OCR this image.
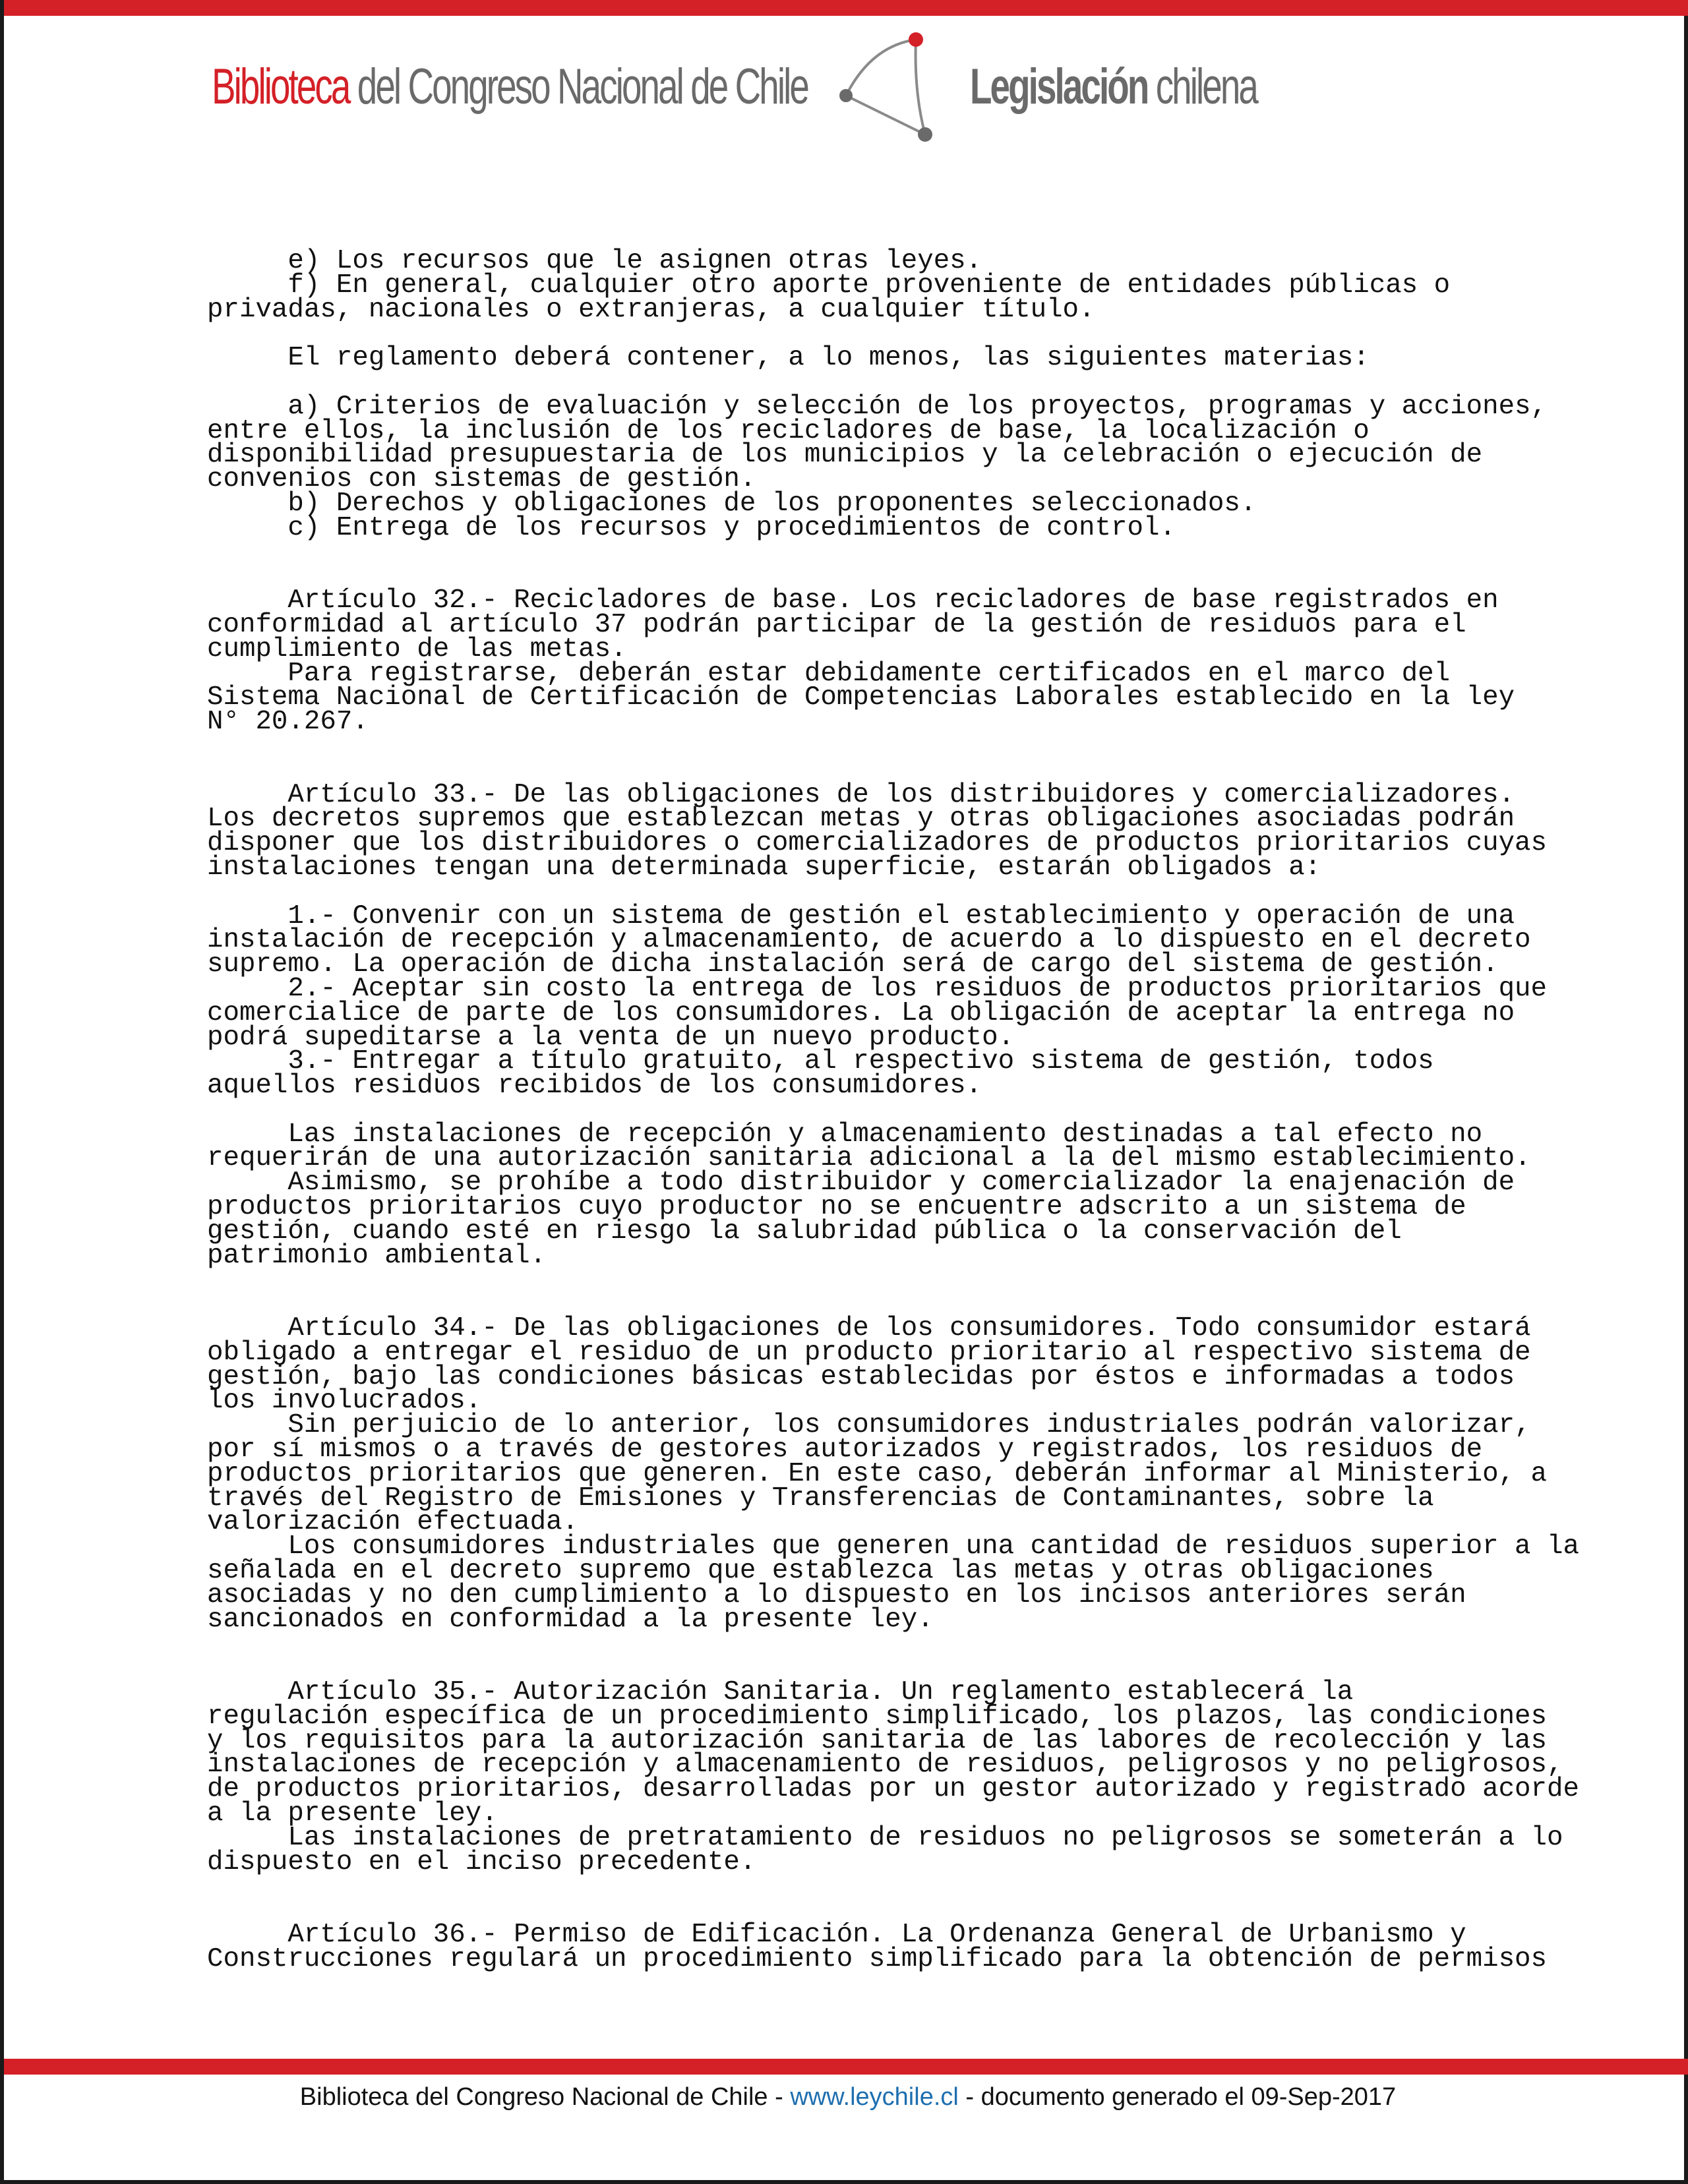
Biblioteca del Congreso Nacional de Chile	Legislación chilena
e) Los recursos que le asignen otras leyes.
f) En general, cualquier otro aporte proveniente de entidades públicas o
privadas, nacionales o extranjeras, a cualquier título.
El reglamento deberá contener, a lo menos, las siguientes materias:
a) Criterios de evaluación y selección de los proyectos, programas y acciones,
entre ellos, la inclusión de los recicladores de base, la localización o
disponibilidad presupuestaria de los municipios y la celebración o ejecución de
convenios con sistemas de gestión.
b) Derechos y obligaciones de los proponentes seleccionados.
c) Entrega de los recursos y procedimientos de control.
Artículo 32.- Recicladores de base. Los recicladores de base registrados en
conformidad al artículo 37 podrán participar de la gestión de residuos para el
cumplimiento de las metas.
Para registrarse, deberán estar debidamente certificados en el marco del
Sistema Nacional de Certificación de Competencias Laborales establecido en la ley
N° 20.267.
Artículo 33.- De las obligaciones de los distribuidores y comercializadores.
Los decretos supremos que establezcan metas y otras obligaciones asociadas podrán
disponer que los distribuidores o comercializadores de productos prioritarios cuyas
instalaciones tengan una determinada superficie, estarán obligados a:
1.- Convenir con un sistema de gestión el establecimiento y operación de una
instalación de recepción y almacenamiento, de acuerdo a lo dispuesto en el decreto
supremo. La operación de dicha instalación será de cargo del sistema de gestión.
2.- Aceptar sin costo la entrega de los residuos de productos prioritarios que
comercialice de parte de los consumidores. La obligación de aceptar la entrega no
podrá supeditarse a la venta de un nuevo producto.
3.- Entregar a título gratuito, al respectivo sistema de gestión, todos
aquellos residuos recibidos de los consumidores.
Las instalaciones de recepción y almacenamiento destinadas a tal efecto no
requerirán de una autorización sanitaria adicional a la del mismo establecimiento.
Asimismo, se prohíbe a todo distribuidor y comercializador la enajenación de
productos prioritarios cuyo productor no se encuentre adscrito a un sistema de
gestión, cuando esté en riesgo la salubridad pública o la conservación del
patrimonio ambiental.
Artículo 34.- De las obligaciones de los consumidores. Todo consumidor estará
obligado a entregar el residuo de un producto prioritario al respectivo sistema de
gestión, bajo las condiciones básicas establecidas por éstos e informadas a todos
los involucrados.
Sin perjuicio de lo anterior, los consumidores industriales podrán valorizar,
por sí mismos o a través de gestores autorizados y registrados, los residuos de
productos prioritarios que generen. En este caso, deberán informar al Ministerio, a
través del Registro de Emisiones y Transferencias de Contaminantes, sobre la
valorización efectuada.
Los consumidores industriales que generen una cantidad de residuos superior a la
señalada en el decreto supremo que establezca las metas y otras obligaciones
asociadas y no den cumplimiento a lo dispuesto en los incisos anteriores serán
sancionados en conformidad a la presente ley.
Artículo 35.- Autorización Sanitaria. Un reglamento establecerá la
regulación específica de un procedimiento simplificado, los plazos, las condiciones
y los requisitos para la autorización sanitaria de las labores de recolección y las
instalaciones de recepción y almacenamiento de residuos, peligrosos y no peligrosos,
de productos prioritarios, desarrolladas por un gestor autorizado y registrado acorde
a la presente ley.
Las instalaciones de pretratamiento de residuos no peligrosos se someterán a lo
dispuesto en el inciso precedente.
Artículo 36.- Permiso de Edificación. La Ordenanza General de Urbanismo y
Construcciones regulará un procedimiento simplificado para la obtención de permisos
Biblioteca del Congreso Nacional de Chile - www.leychile.cl - documento generado el 09-Sep-2017
